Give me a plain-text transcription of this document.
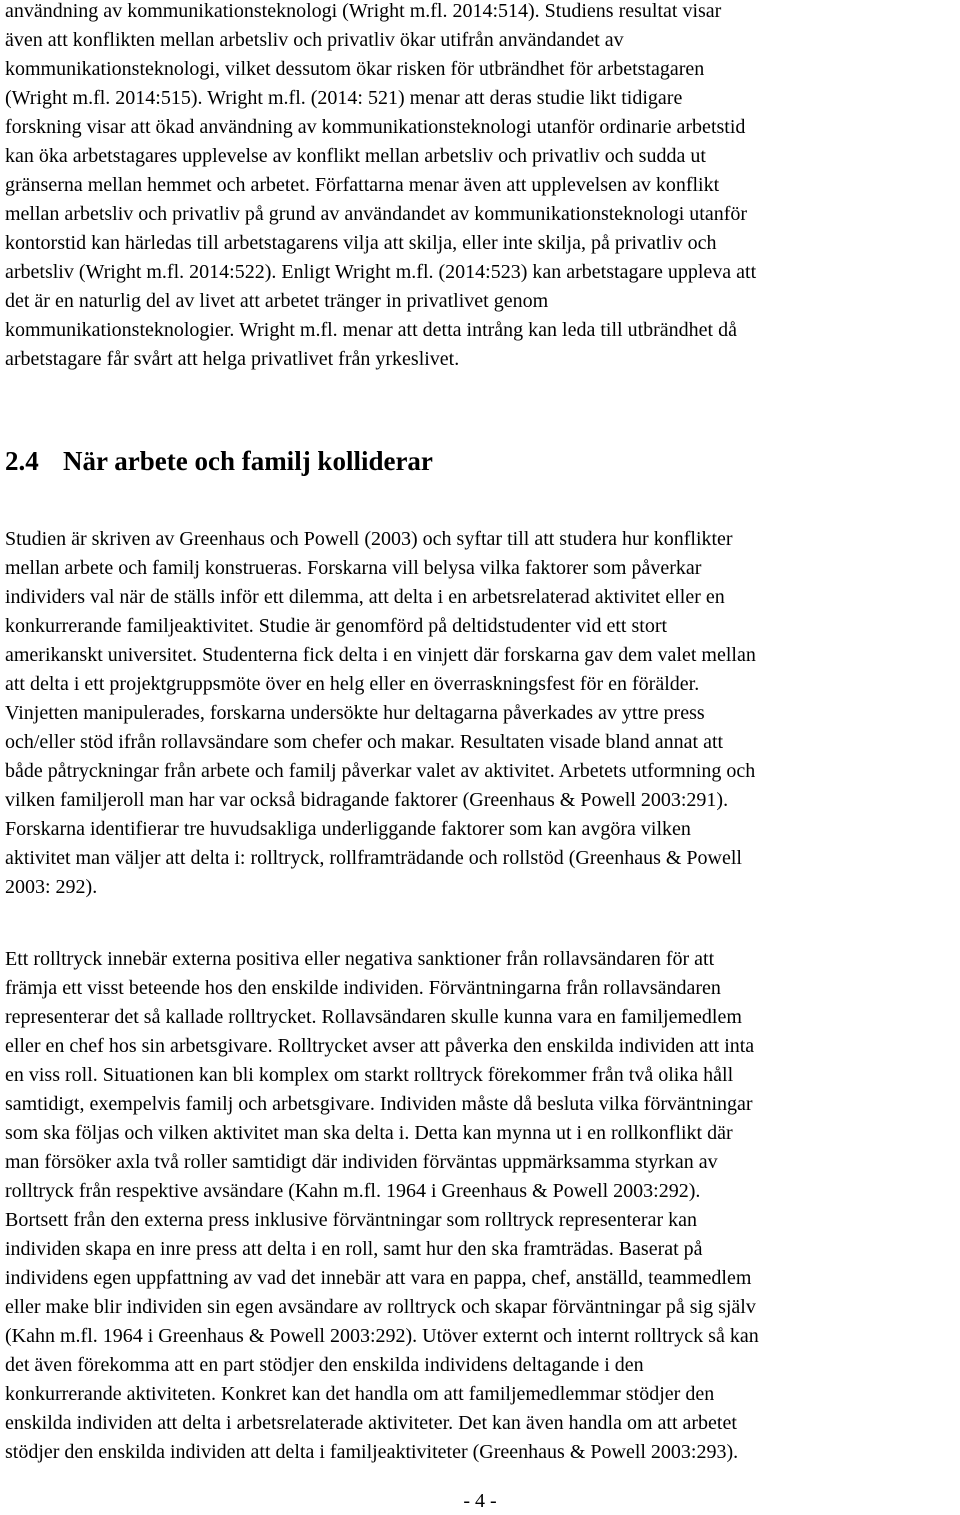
användning av kommunikationsteknologi (Wright m.fl. 2014:514). Studiens resultat visar
även att konflikten mellan arbetsliv och privatliv ökar utifrån användandet av
kommunikationsteknologi, vilket dessutom ökar risken för utbrändhet för arbetstagaren
(Wright m.fl. 2014:515). Wright m.fl. (2014: 521) menar att deras studie likt tidigare
forskning visar att ökad användning av kommunikationsteknologi utanför ordinarie arbetstid
kan öka arbetstagares upplevelse av konflikt mellan arbetsliv och privatliv och sudda ut
gränserna mellan hemmet och arbetet. Författarna menar även att upplevelsen av konflikt
mellan arbetsliv och privatliv på grund av användandet av kommunikationsteknologi utanför
kontorstid kan härledas till arbetstagarens vilja att skilja, eller inte skilja, på privatliv och
arbetsliv (Wright m.fl. 2014:522). Enligt Wright m.fl. (2014:523) kan arbetstagare uppleva att
det är en naturlig del av livet att arbetet tränger in privatlivet genom
kommunikationsteknologier. Wright m.fl. menar att detta intrång kan leda till utbrändhet då
arbetstagare får svårt att helga privatlivet från yrkeslivet.

2.4 När arbete och familj kolliderar

Studien är skriven av Greenhaus och Powell (2003) och syftar till att studera hur konflikter
mellan arbete och familj konstrueras. Forskarna vill belysa vilka faktorer som påverkar
individers val när de ställs inför ett dilemma, att delta i en arbetsrelaterad aktivitet eller en
konkurrerande familjeaktivitet. Studie är genomförd på deltidstudenter vid ett stort
amerikanskt universitet. Studenterna fick delta i en vinjett där forskarna gav dem valet mellan
att delta i ett projektgruppsmöte över en helg eller en överraskningsfest för en förälder.
Vinjetten manipulerades, forskarna undersökte hur deltagarna påverkades av yttre press
och/eller stöd ifrån rollavsändare som chefer och makar. Resultaten visade bland annat att
både påtryckningar från arbete och familj påverkar valet av aktivitet. Arbetets utformning och
vilken familjeroll man har var också bidragande faktorer (Greenhaus & Powell 2003:291).
Forskarna identifierar tre huvudsakliga underliggande faktorer som kan avgöra vilken
aktivitet man väljer att delta i: rolltryck, rollframträdande och rollstöd (Greenhaus & Powell
2003: 292).

Ett rolltryck innebär externa positiva eller negativa sanktioner från rollavsändaren för att
främja ett visst beteende hos den enskilde individen. Förväntningarna från rollavsändaren
representerar det så kallade rolltrycket. Rollavsändaren skulle kunna vara en familjemedlem
eller en chef hos sin arbetsgivare. Rolltrycket avser att påverka den enskilda individen att inta
en viss roll. Situationen kan bli komplex om starkt rolltryck förekommer från två olika håll
samtidigt, exempelvis familj och arbetsgivare. Individen måste då besluta vilka förväntningar
som ska följas och vilken aktivitet man ska delta i. Detta kan mynna ut i en rollkonflikt där
man försöker axla två roller samtidigt där individen förväntas uppmärksamma styrkan av
rolltryck från respektive avsändare (Kahn m.fl. 1964 i Greenhaus & Powell 2003:292).
Bortsett från den externa press inklusive förväntningar som rolltryck representerar kan
individen skapa en inre press att delta i en roll, samt hur den ska framträdas. Baserat på
individens egen uppfattning av vad det innebär att vara en pappa, chef, anställd, teammedlem
eller make blir individen sin egen avsändare av rolltryck och skapar förväntningar på sig själv
(Kahn m.fl. 1964 i Greenhaus & Powell 2003:292). Utöver externt och internt rolltryck så kan
det även förekomma att en part stödjer den enskilda individens deltagande i den
konkurrerande aktiviteten. Konkret kan det handla om att familjemedlemmar stödjer den
enskilda individen att delta i arbetsrelaterade aktiviteter. Det kan även handla om att arbetet
stödjer den enskilda individen att delta i familjeaktiviteter (Greenhaus & Powell 2003:293).

- 4 -
